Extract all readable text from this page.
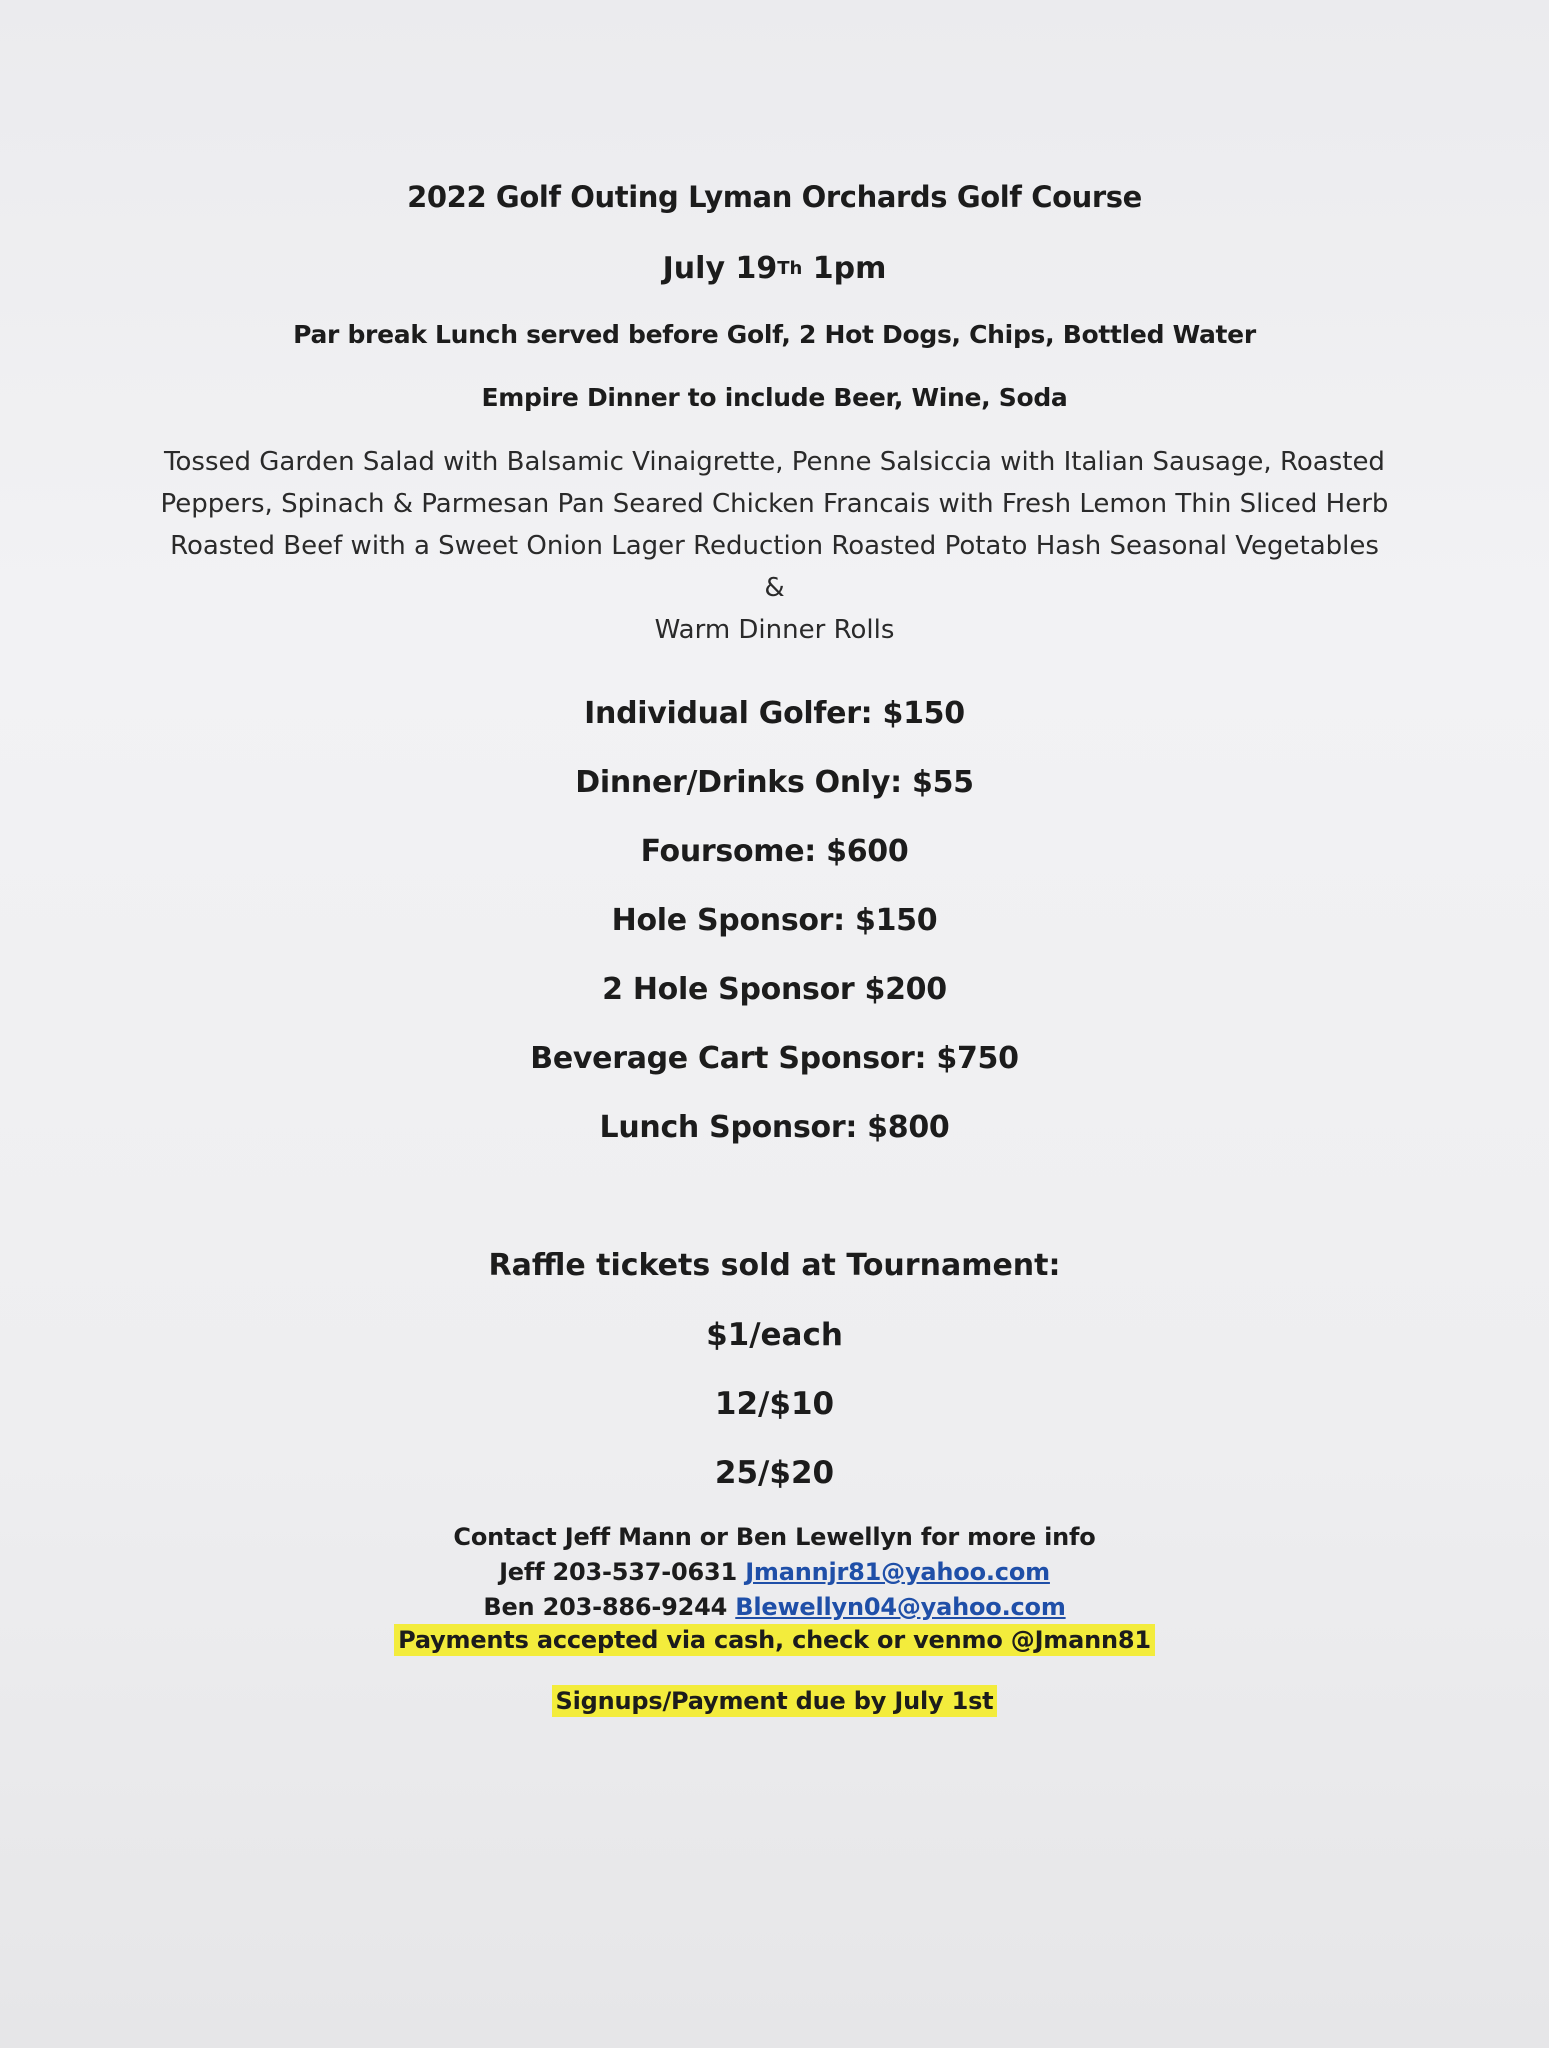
2022 Golf Outing Lyman Orchards Golf Course
July 19Th 1pm
Par break Lunch served before Golf, 2 Hot Dogs, Chips, Bottled Water
Empire Dinner to include Beer, Wine, Soda
Tossed Garden Salad with Balsamic Vinaigrette, Penne Salsiccia with Italian Sausage, Roasted
Peppers, Spinach & Parmesan Pan Seared Chicken Francais with Fresh Lemon Thin Sliced Herb
Roasted Beef with a Sweet Onion Lager Reduction Roasted Potato Hash Seasonal Vegetables &
Warm Dinner Rolls
Individual Golfer: $150
Dinner/Drinks Only: $55
Foursome: $600
Hole Sponsor: $150
2 Hole Sponsor $200
Beverage Cart Sponsor: $750
Lunch Sponsor: $800
Raffle tickets sold at Tournament:
$1/each
12/$10
25/$20
Contact Jeff Mann or Ben Lewellyn for more info
Jeff 203-537-0631 Jmannjr81@yahoo.com
Ben 203-886-9244 Blewellyn04@yahoo.com
Payments accepted via cash, check or venmo @Jmann81
Signups/Payment due by July 1st
